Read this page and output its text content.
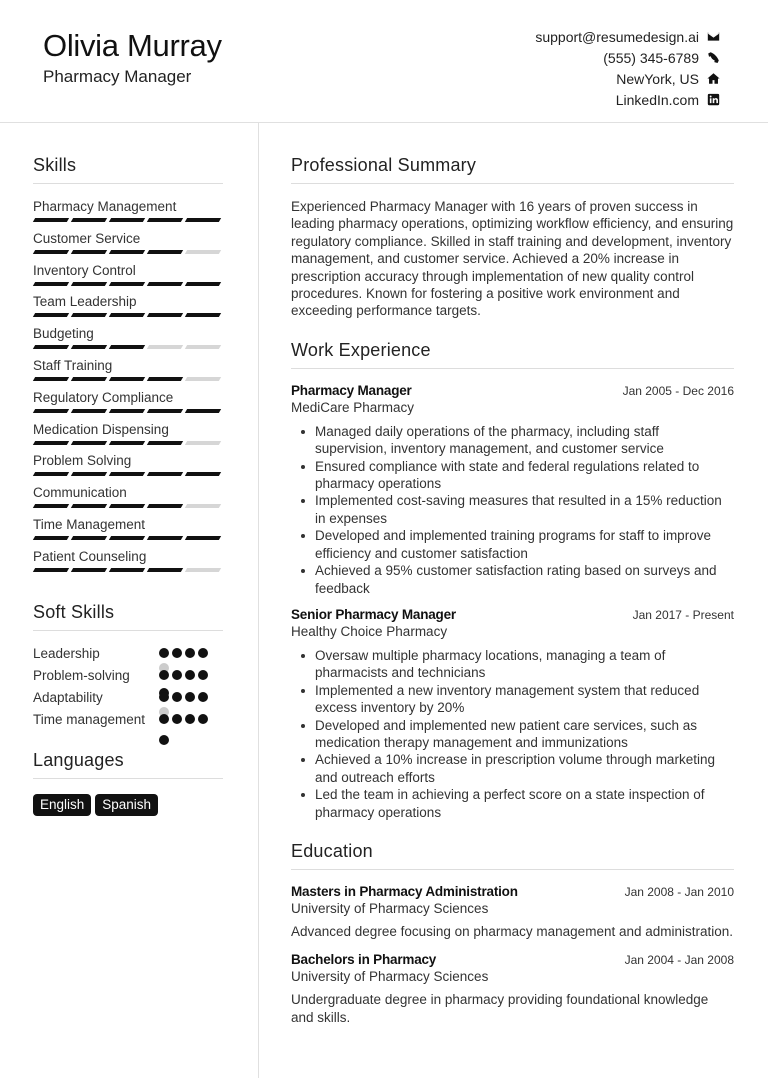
Olivia Murray
Pharmacy Manager
support@resumedesign.ai
(555) 345-6789
NewYork, US
LinkedIn.com
Skills
Pharmacy Management
Customer Service
Inventory Control
Team Leadership
Budgeting
Staff Training
Regulatory Compliance
Medication Dispensing
Problem Solving
Communication
Time Management
Patient Counseling
Soft Skills
Leadership
Problem-solving
Adaptability
Time management
Languages
English	Spanish
Professional Summary
Experienced Pharmacy Manager with 16 years of proven success in leading pharmacy operations, optimizing workflow efficiency, and ensuring regulatory compliance. Skilled in staff training and development, inventory management, and customer service. Achieved a 20% increase in prescription accuracy through implementation of new quality control procedures. Known for fostering a positive work environment and exceeding performance targets.
Work Experience
Pharmacy Manager	Jan 2005 - Dec 2016
MediCare Pharmacy
Managed daily operations of the pharmacy, including staff supervision, inventory management, and customer service
Ensured compliance with state and federal regulations related to pharmacy operations
Implemented cost-saving measures that resulted in a 15% reduction in expenses
Developed and implemented training programs for staff to improve efficiency and customer satisfaction
Achieved a 95% customer satisfaction rating based on surveys and feedback
Senior Pharmacy Manager	Jan 2017 - Present
Healthy Choice Pharmacy
Oversaw multiple pharmacy locations, managing a team of pharmacists and technicians
Implemented a new inventory management system that reduced excess inventory by 20%
Developed and implemented new patient care services, such as medication therapy management and immunizations
Achieved a 10% increase in prescription volume through marketing and outreach efforts
Led the team in achieving a perfect score on a state inspection of pharmacy operations
Education
Masters in Pharmacy Administration	Jan 2008 - Jan 2010
University of Pharmacy Sciences
Advanced degree focusing on pharmacy management and administration.
Bachelors in Pharmacy	Jan 2004 - Jan 2008
University of Pharmacy Sciences
Undergraduate degree in pharmacy providing foundational knowledge and skills.
